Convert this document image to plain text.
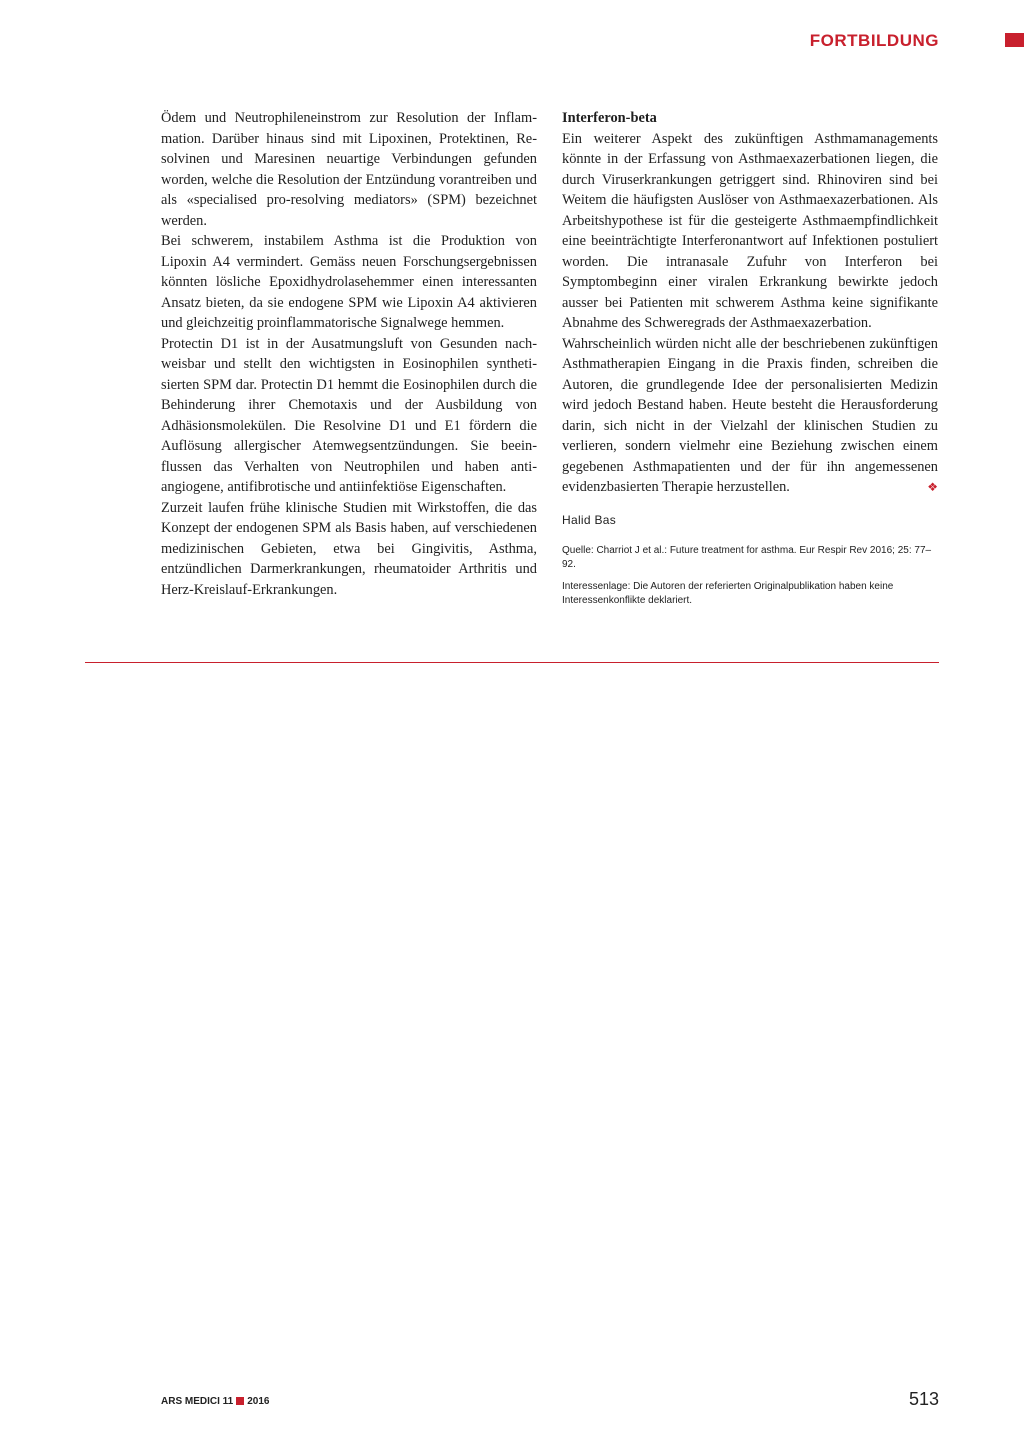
FORTBILDUNG

Ödem und Neutrophileneinstrom zur Resolution der Inflammation. Darüber hinaus sind mit Lipoxinen, Protektinen, Resolvinen und Maresinen neuartige Verbindungen gefunden worden, welche die Resolution der Entzündung vorantreiben und als «specialised pro-resolving mediators» (SPM) bezeichnet werden.

Bei schwerem, instabilem Asthma ist die Produktion von Lipoxin A4 vermindert. Gemäss neuen Forschungsergebnissen könnten lösliche Epoxidhydrolasehemmer einen interessanten Ansatz bieten, da sie endogene SPM wie Lipoxin A4 aktivieren und gleichzeitig proinflammatorische Signalwege hemmen.

Protectin D1 ist in der Ausatmungsluft von Gesunden nachweisbar und stellt den wichtigsten in Eosinophilen synthetisierten SPM dar. Protectin D1 hemmt die Eosinophilen durch die Behinderung ihrer Chemotaxis und der Ausbildung von Adhäsionsmolekülen. Die Resolvine D1 und E1 fördern die Auflösung allergischer Atemwegsentzündungen. Sie beeinflussen das Verhalten von Neutrophilen und haben antiangiogene, antifibrotische und antiinfektiöse Eigenschaften.

Zurzeit laufen frühe klinische Studien mit Wirkstoffen, die das Konzept der endogenen SPM als Basis haben, auf verschiedenen medizinischen Gebieten, etwa bei Gingivitis, Asthma, entzündlichen Darmerkrankungen, rheumatoider Arthritis und Herz-Kreislauf-Erkrankungen.

Interferon-beta

Ein weiterer Aspekt des zukünftigen Asthmamanagements könnte in der Erfassung von Asthmaexazerbationen liegen, die durch Viruserkrankungen getriggert sind. Rhinoviren sind bei Weitem die häufigsten Auslöser von Asthmaexazerbationen. Als Arbeitshypothese ist für die gesteigerte Asthmaempfindlichkeit eine beeinträchtigte Interferonantwort auf Infektionen postuliert worden. Die intranasale Zufuhr von Interferon bei Symptombeginn einer viralen Erkrankung bewirkte jedoch ausser bei Patienten mit schwerem Asthma keine signifikante Abnahme des Schweregrads der Asthmaexazerbation.

Wahrscheinlich würden nicht alle der beschriebenen zukünftigen Asthmatherapien Eingang in die Praxis finden, schreiben die Autoren, die grundlegende Idee der personalisierten Medizin wird jedoch Bestand haben. Heute besteht die Herausforderung darin, sich nicht in der Vielzahl der klinischen Studien zu verlieren, sondern vielmehr eine Beziehung zwischen einem gegebenen Asthmapatienten und der für ihn angemessenen evidenzbasierten Therapie herzustellen.	❖

Halid Bas
Quelle: Charriot J et al.: Future treatment for asthma. Eur Respir Rev 2016; 25: 77–92.
Interessenlage: Die Autoren der referierten Originalpublikation haben keine Interessenkonflikte deklariert.
ARS MEDICI 11 2016	513
